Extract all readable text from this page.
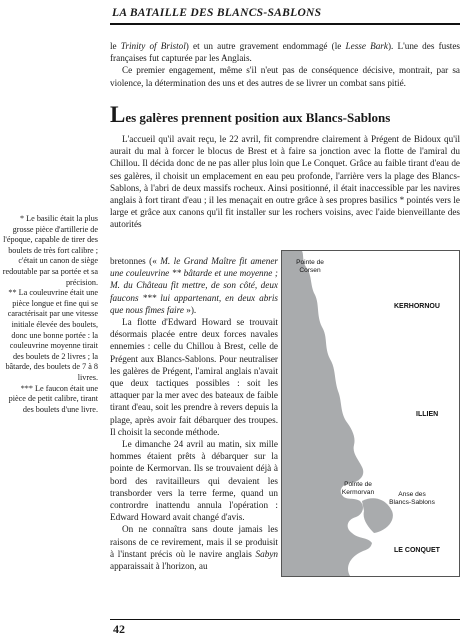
LA BATAILLE DES BLANCS-SABLONS

le Trinity of Bristol) et un autre gravement endommagé (le Lesse Bark). L'une des fustes françaises fut capturée par les Anglais.

Ce premier engagement, même s'il n'eut pas de conséquence décisive, montrait, par sa violence, la détermination des uns et des autres de se livrer un combat sans pitié.

Les galères prennent position aux Blancs-Sablons
L'accueil qu'il avait reçu, le 22 avril, fit comprendre clairement à Prégent de Bidoux qu'il aurait du mal à forcer le blocus de Brest et à faire sa jonction avec la flotte de l'amiral du Chillou. Il décida donc de ne pas aller plus loin que Le Conquet. Grâce au faible tirant d'eau de ses galères, il choisit un emplacement en eau peu profonde, l'arrière vers la plage des Blancs-Sablons, à l'abri de deux massifs rocheux. Ainsi positionné, il était inaccessible par les navires anglais à fort tirant d'eau ; il les menaçait en outre grâce à ses propres basilics * pointés vers le large et grâce aux canons qu'il fit installer sur les rochers voisins, avec l'aide bienveillante des autorités

* Le basilic était la plus grosse pièce d'artillerie de l'époque, capable de tirer des boulets de très fort calibre ; c'était un canon de siège redoutable par sa portée et sa précision.

** La couleuvrine était une pièce longue et fine qui se caractérisait par une vitesse initiale élevée des boulets, donc une bonne portée : la couleuvrine moyenne tirait des boulets de 2 livres ; la bâtarde, des boulets de 7 à 8 livres.

*** Le faucon était une pièce de petit calibre, tirant des boulets d'une livre.

bretonnes (« M. le Grand Maître fit amener une couleuvrine ** bâtarde et une moyenne ; M. du Château fit mettre, de son côté, deux faucons *** lui appartenant, en deux abris que nous fîmes faire »).

La flotte d'Edward Howard se trouvait désormais placée entre deux forces navales ennemies : celle du Chillou à Brest, celle de Prégent aux Blancs-Sablons. Pour neutraliser les galères de Prégent, l'amiral anglais n'avait que deux tactiques possibles : soit les attaquer par la mer avec des bateaux de faible tirant d'eau, soit les prendre à revers depuis la plage, après avoir fait débarquer des troupes. Il choisit la seconde méthode.

Le dimanche 24 avril au matin, six mille hommes étaient prêts à débarquer sur la pointe de Kermorvan. Ils se trouvaient déjà à bord des ravitailleurs qui devaient les transborder vers la terre ferme, quand un contrordre inattendu annula l'opération : Edward Howard avait changé d'avis.

On ne connaîtra sans doute jamais les raisons de ce revirement, mais il se produisit à l'instant précis où le navire anglais Sabyn apparaissait à l'horizon, au

Pointe de
Corsen
KERHORNOU
ILLIEN
Pointe de
Kermorvan	Anse des
Blancs-Sablons
LE CONQUET
42
